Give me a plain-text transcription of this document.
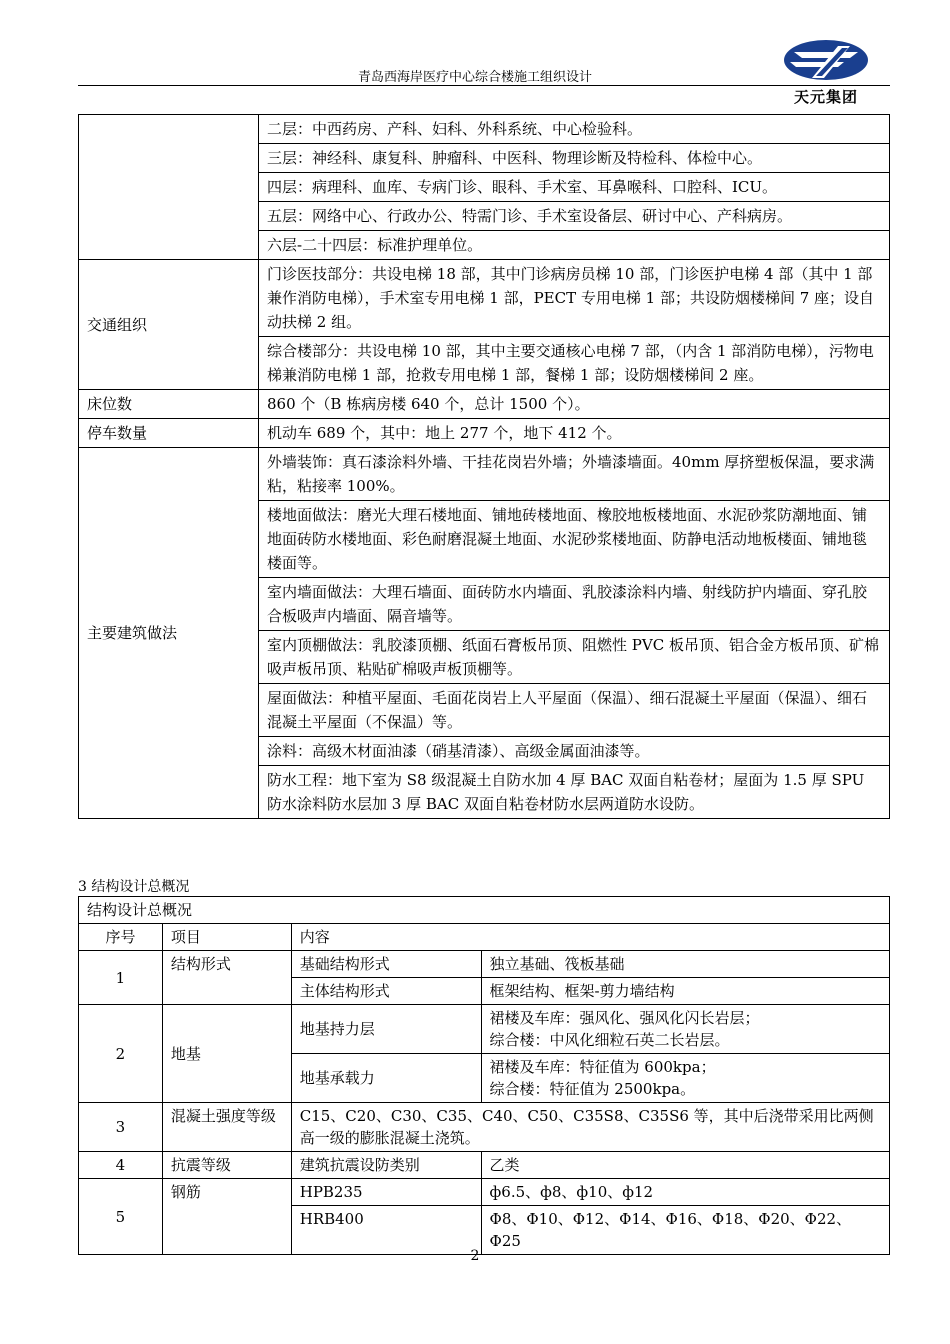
青岛西海岸医疗中心综合楼施工组织设计
天元集团
	二层：中西药房、产科、妇科、外科系统、中心检验科。
	三层：神经科、康复科、肿瘤科、中医科、物理诊断及特检科、体检中心。
	四层：病理科、血库、专病门诊、眼科、手术室、耳鼻喉科、口腔科、ICU。
	五层：网络中心、行政办公、特需门诊、手术室设备层、研讨中心、产科病房。
	六层-二十四层：标准护理单位。
交通组织	门诊医技部分：共设电梯 18 部，其中门诊病房员梯 10 部，门诊医护电梯 4 部（其中 1 部兼作消防电梯），手术室专用电梯 1 部，PECT 专用电梯 1 部；共设防烟楼梯间 7 座；设自动扶梯 2 组。
	综合楼部分：共设电梯 10 部，其中主要交通核心电梯 7 部，（内含 1 部消防电梯），污物电梯兼消防电梯 1 部，抢救专用电梯 1 部，餐梯 1 部；设防烟楼梯间 2 座。
床位数	860 个（B 栋病房楼 640 个，总计 1500 个）。
停车数量	机动车 689 个，其中：地上 277 个，地下 412 个。
主要建筑做法	外墙装饰：真石漆涂料外墙、干挂花岗岩外墙；外墙漆墙面。40mm 厚挤塑板保温，要求满粘，粘接率 100%。
	楼地面做法：磨光大理石楼地面、铺地砖楼地面、橡胶地板楼地面、水泥砂浆防潮地面、铺地面砖防水楼地面、彩色耐磨混凝土地面、水泥砂浆楼地面、防静电活动地板楼面、铺地毯楼面等。
	室内墙面做法：大理石墙面、面砖防水内墙面、乳胶漆涂料内墙、射线防护内墙面、穿孔胶合板吸声内墙面、隔音墙等。
	室内顶棚做法：乳胶漆顶棚、纸面石膏板吊顶、阻燃性 PVC 板吊顶、铝合金方板吊顶、矿棉吸声板吊顶、粘贴矿棉吸声板顶棚等。
	屋面做法：种植平屋面、毛面花岗岩上人平屋面（保温）、细石混凝土平屋面（保温）、细石混凝土平屋面（不保温）等。
	涂料：高级木材面油漆（硝基清漆）、高级金属面油漆等。
	防水工程：地下室为 S8 级混凝土自防水加 4 厚 BAC 双面自粘卷材；屋面为 1.5 厚 SPU 防水涂料防水层加 3 厚 BAC 双面自粘卷材防水层两道防水设防。
3 结构设计总概况
结构设计总概况			
序号	项目	内容	
1	结构形式	基础结构形式	独立基础、筏板基础
		主体结构形式	框架结构、框架-剪力墙结构
2	地基	地基持力层	裙楼及车库：强风化、强风化闪长岩层；
综合楼：中风化细粒石英二长岩层。

		地基承载力	裙楼及车库：特征值为 600kpa；
综合楼：特征值为 2500kpa。

3	混凝土强度等级	C15、C20、C30、C35、C40、C50、C35S8、C35S6 等，其中后浇带采用比两侧高一级的膨胀混凝土浇筑。	
4	抗震等级	建筑抗震设防类别	乙类
5	钢筋	HPB235	ф6.5、ф8、ф10、ф12
		HRB400	Φ8、Φ10、Φ12、Φ14、Φ16、Φ18、Φ20、Φ22、Φ25
2
